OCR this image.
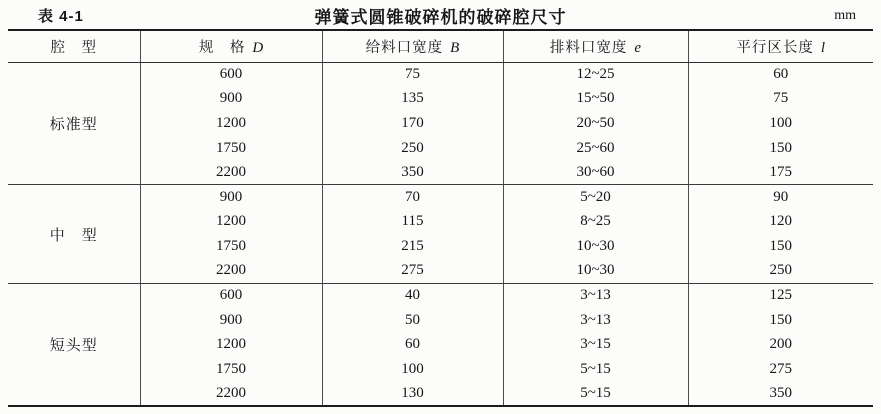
表 4-1	弹簧式圆锥破碎机的破碎腔尺寸	mm
腔　型	规　格 D	给料口宽度 B	排料口宽度 e	平行区长度 l
标准型	600	75	12~25	60
	900	135	15~50	75
	1200	170	20~50	100
	1750	250	25~60	150
	2200	350	30~60	175
中　型	900	70	5~20	90
	1200	115	8~25	120
	1750	215	10~30	150
	2200	275	10~30	250
短头型	600	40	3~13	125
	900	50	3~13	150
	1200	60	3~15	200
	1750	100	5~15	275
	2200	130	5~15	350
